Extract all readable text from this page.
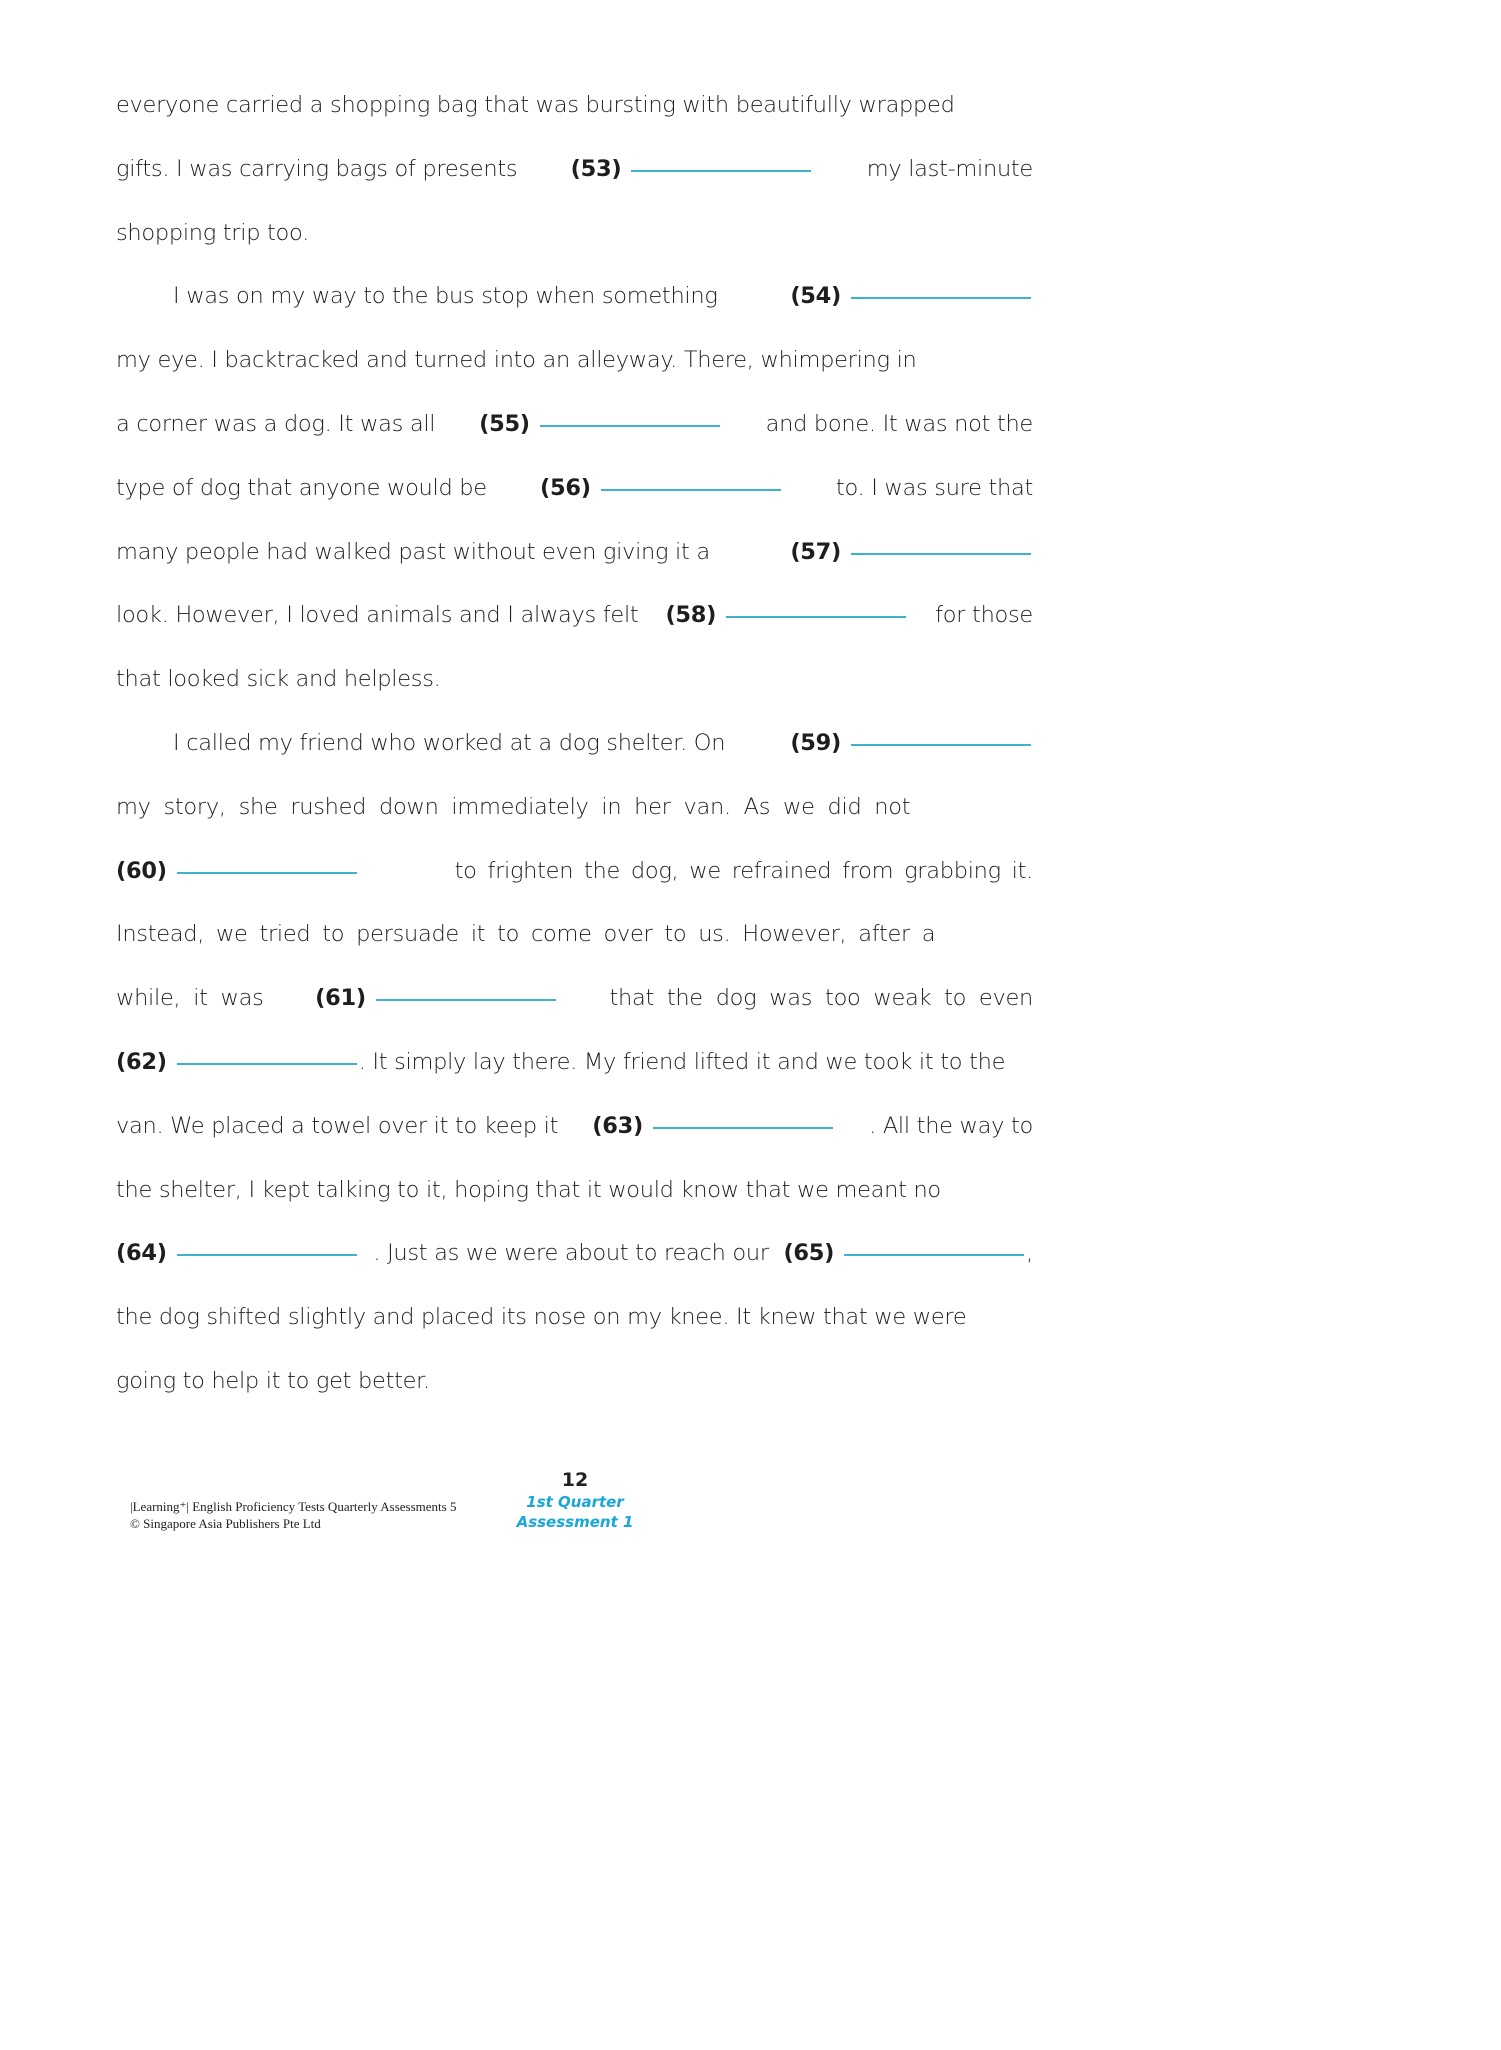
everyone carried a shopping bag that was bursting with beautifully wrapped
gifts. I was carrying bags of presents (53)	my last-minute
shopping trip too.
I was on my way to the bus stop when something	(54)
my eye. I backtracked and turned into an alleyway. There, whimpering in
a corner was a dog. It was all (55)	and bone. It was not the
type of dog that anyone would be (56)	to. I was sure that
many people had walked past without even giving it a	(57)
look. However, I loved animals and I always felt (58)	for those
that looked sick and helpless.
I called my friend who worked at a dog shelter. On	(59)
my story, she rushed down immediately in her van. As we did not
(60)	to frighten the dog, we refrained from grabbing it.
Instead, we tried to persuade it to come over to us. However, after a
while, it was (61)	that the dog was too weak to even
(62)	. It simply lay there. My friend lifted it and we took it to the
van. We placed a towel over it to keep it (63)	. All the way to
the shelter, I kept talking to it, hoping that it would know that we meant no
(64)	. Just as we were about to reach our (65)	,
the dog shifted slightly and placed its nose on my knee. It knew that we were
going to help it to get better.
|Learning⁺| English Proficiency Tests Quarterly Assessments 5
© Singapore Asia Publishers Pte Ltd
12
1st Quarter
Assessment 1
